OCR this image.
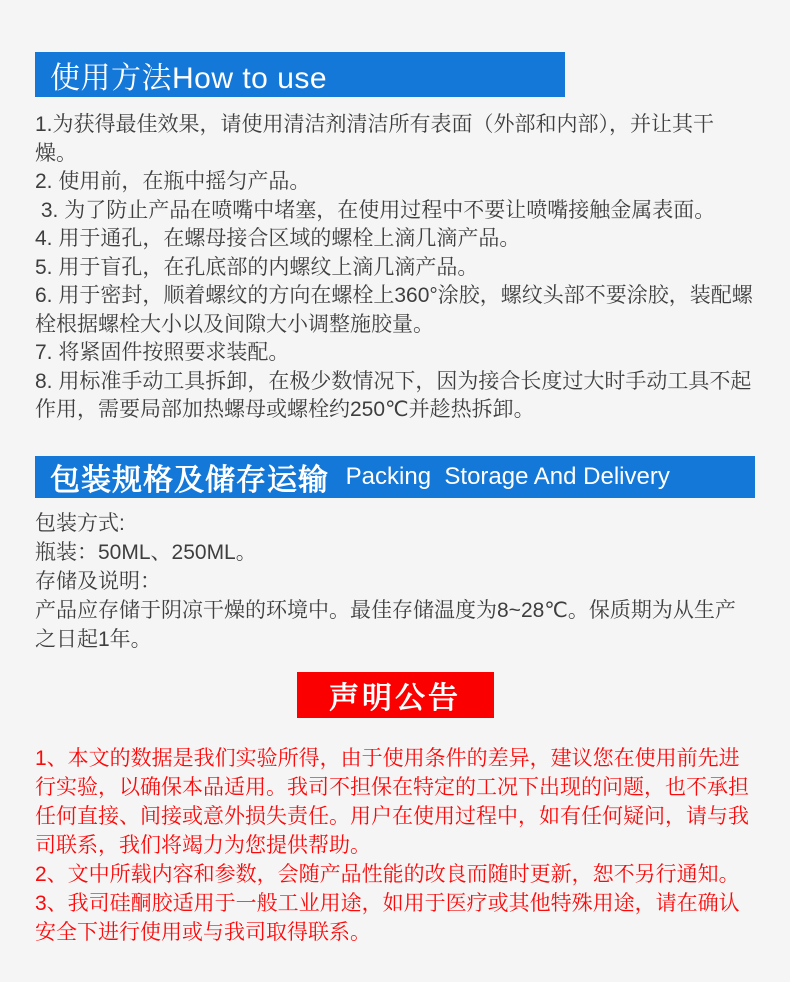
使用方法How to use

1.为获得最佳效果，请使用清洁剂清洁所有表面（外部和内部），并让其干燥。

2. 使用前，在瓶中摇匀产品。

3. 为了防止产品在喷嘴中堵塞，在使用过程中不要让喷嘴接触金属表面。

4. 用于通孔，在螺母接合区域的螺栓上滴几滴产品。

5. 用于盲孔，在孔底部的内螺纹上滴几滴产品。

6. 用于密封，顺着螺纹的方向在螺栓上360°涂胶，螺纹头部不要涂胶，装配螺栓根据螺栓大小以及间隙大小调整施胶量。

7. 将紧固件按照要求装配。

8. 用标准手动工具拆卸，在极少数情况下，因为接合长度过大时手动工具不起作用，需要局部加热螺母或螺栓约250℃并趁热拆卸。

包装规格及储存运输 Packing  Storage And Delivery

包装方式:

瓶装：50ML、250ML。

存储及说明：

产品应存储于阴凉干燥的环境中。最佳存储温度为8~28℃。保质期为从生产之日起1年。

声明公告

1、本文的数据是我们实验所得，由于使用条件的差异，建议您在使用前先进行实验，以确保本品适用。我司不担保在特定的工况下出现的问题，也不承担任何直接、间接或意外损失责任。用户在使用过程中，如有任何疑问，请与我司联系，我们将竭力为您提供帮助。

2、文中所载内容和参数，会随产品性能的改良而随时更新，恕不另行通知。

3、我司硅酮胶适用于一般工业用途，如用于医疗或其他特殊用途，请在确认安全下进行使用或与我司取得联系。
